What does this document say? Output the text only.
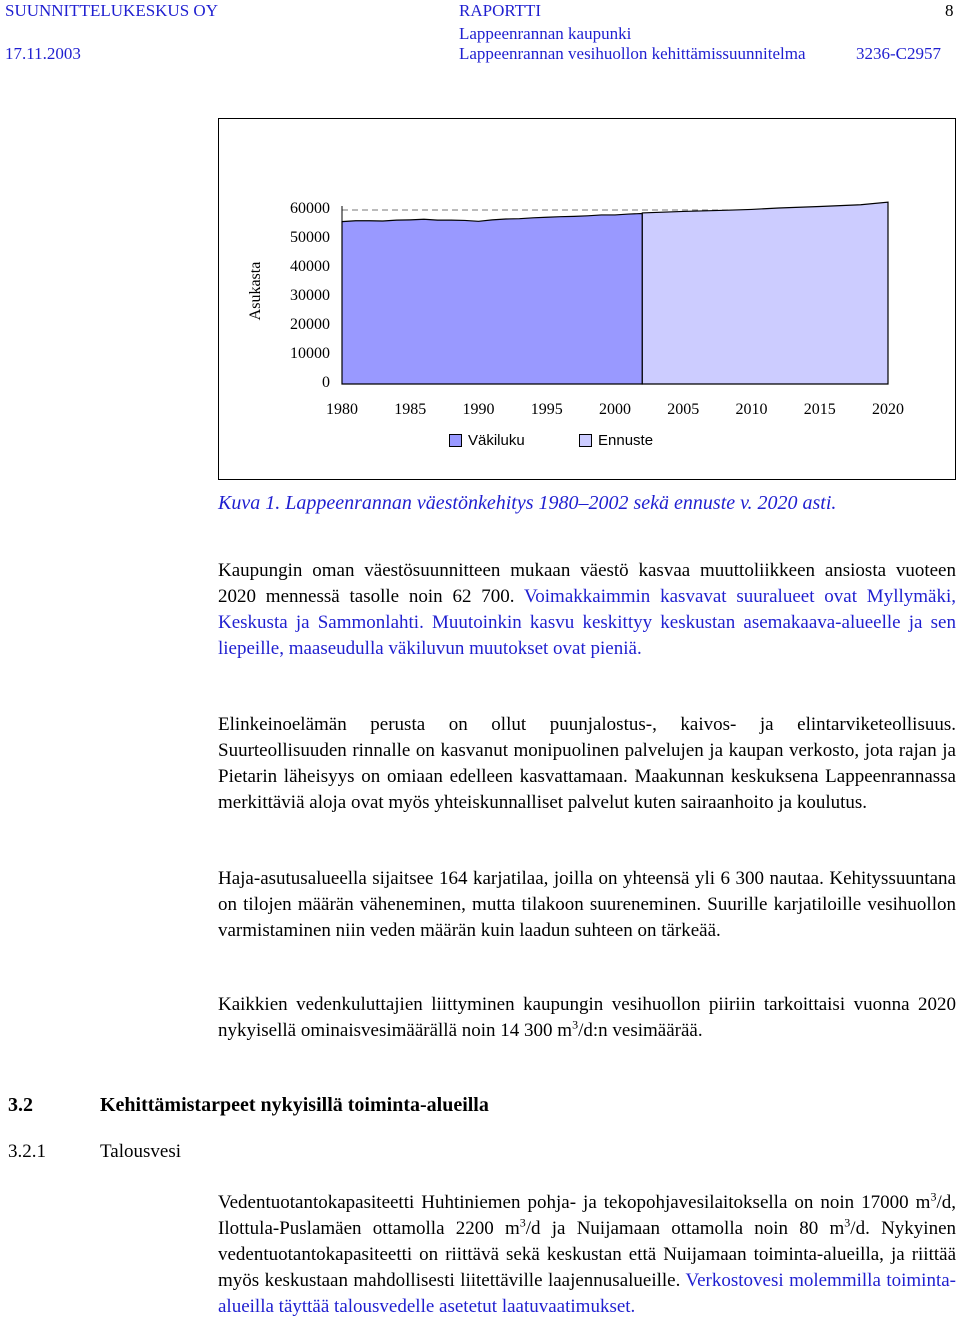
SUUNNITTELUKESKUS OY	RAPORTTI	8
17.11.2003
Lappeenrannan kaupunki
Lappeenrannan vesihuollon kehittämissuunnitelma	3236-C2957
Asukasta
60000
50000
40000
30000
20000
10000
0
1980	1985	1990	1995	2000	2005	2010	2015	2020
Väkiluku	Ennuste
Kuva 1. Lappeenrannan väestönkehitys 1980–2002 sekä ennuste v. 2020 asti.

Kaupungin oman väestösuunnitteen mukaan väestö kasvaa muuttoliikkeen ansiosta vuoteen 2020 mennessä tasolle noin 62 700. Voimakkaimmin kasvavat suuralueet ovat Myllymäki, Keskusta ja Sammonlahti. Muutoinkin kasvu keskittyy keskustan asemakaava-alueelle ja sen liepeille, maaseudulla väkiluvun muutokset ovat pieniä.

Elinkeinoelämän perusta on ollut puunjalostus-, kaivos- ja elintarviketeollisuus. Suurteollisuuden rinnalle on kasvanut monipuolinen palvelujen ja kaupan verkosto, jota rajan ja Pietarin läheisyys on omiaan edelleen kasvattamaan. Maakunnan keskuksena Lappeenrannassa merkittäviä aloja ovat myös yhteiskunnalliset palvelut kuten sairaanhoito ja koulutus.

Haja-asutusalueella sijaitsee 164 karjatilaa, joilla on yhteensä yli 6 300 nautaa. Kehityssuuntana on tilojen määrän väheneminen, mutta tilakoon suureneminen. Suurille karjatiloille vesihuollon varmistaminen niin veden määrän kuin laadun suhteen on tärkeää.

Kaikkien vedenkuluttajien liittyminen kaupungin vesihuollon piiriin tarkoittaisi vuonna 2020 nykyisellä ominaisvesimäärällä noin 14 300 $m^3/d:n$ vesimäärää.

3.2	Kehittämistarpeet nykyisillä toiminta-alueilla
3.2.1	Talousvesi

Vedentuotantokapasiteetti Huhtiniemen pohja- ja tekopohjavesilaitoksella on noin 17000 $m^3/d$, Ilottula-Puslamäen ottamolla 2200 $m^3/d$ ja Nuijamaan ottamolla noin 80 $m^3/d$. Nykyinen vedentuotantokapasiteetti on riittävä sekä keskustan että Nuijamaan toiminta-alueilla, ja riittää myös keskustaan mahdollisesti liitettäville laajennusalueille. Verkostovesi molemmilla toiminta-alueilla täyttää talousvedelle asetetut laatuvaatimukset.
